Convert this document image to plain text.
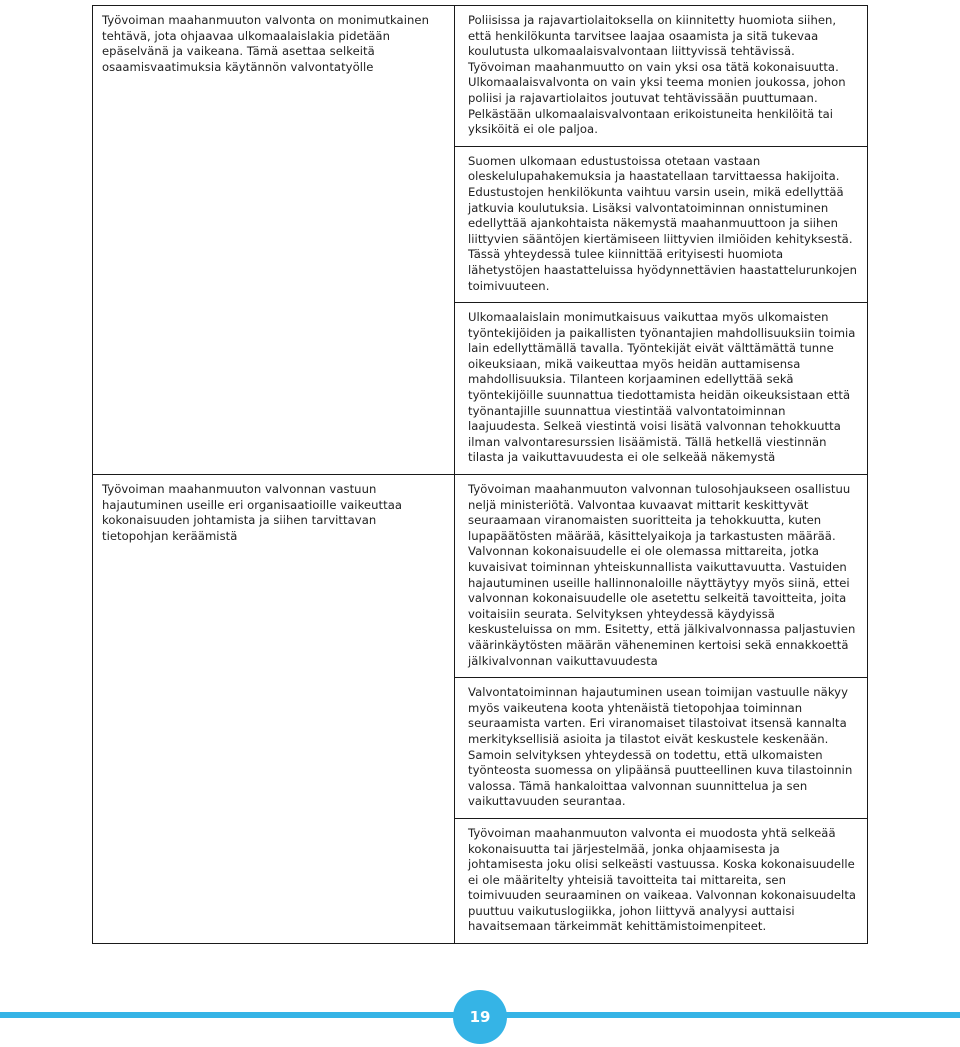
Työvoiman maahanmuuton valvonta on monimutkainen tehtävä, jota ohjaavaa ulkomaalaislakia pidetään epäselvänä ja vaikeana. Tämä asettaa selkeitä osaamisvaatimuksia käytännön valvontatyölle	Poliisissa ja rajavartiolaitoksella on kiinnitetty huomiota siihen, että henkilökunta tarvitsee laajaa osaamista ja sitä tukevaa koulutusta ulkomaalaisvalvontaan liittyvissä tehtävissä. Työvoiman maahanmuutto on vain yksi osa tätä kokonaisuutta. Ulkomaalaisvalvonta on vain yksi teema monien joukossa, johon poliisi ja rajavartiolaitos joutuvat tehtävissään puuttumaan. Pelkästään ulkomaalaisvalvontaan erikoistuneita henkilöitä tai yksiköitä ei ole paljoa.

	Suomen ulkomaan edustustoissa otetaan vastaan oleskelulupahakemuksia ja haastatellaan tarvittaessa hakijoita. Edustustojen henkilökunta vaihtuu varsin usein, mikä edellyttää jatkuvia koulutuksia. Lisäksi valvontatoiminnan onnistuminen edellyttää ajankohtaista näkemystä maahanmuuttoon ja siihen liittyvien sääntöjen kiertämiseen liittyvien ilmiöiden kehityksestä. Tässä yhteydessä tulee kiinnittää erityisesti huomiota lähetystöjen haastatteluissa hyödynnettävien haastattelurunkojen toimivuuteen.

	Ulkomaalaislain monimutkaisuus vaikuttaa myös ulkomaisten työntekijöiden ja paikallisten työnantajien mahdollisuuksiin toimia lain edellyttämällä tavalla. Työntekijät eivät välttämättä tunne oikeuksiaan, mikä vaikeuttaa myös heidän auttamisensa mahdollisuuksia. Tilanteen korjaaminen edellyttää sekä työntekijöille suunnattua tiedottamista heidän oikeuksistaan että työnantajille suunnattua viestintää valvontatoiminnan laajuudesta. Selkeä viestintä voisi lisätä valvonnan tehokkuutta ilman valvontaresurssien lisäämistä. Tällä hetkellä viestinnän tilasta ja vaikuttavuudesta ei ole selkeää näkemystä

Työvoiman maahanmuuton valvonnan vastuun hajautuminen useille eri organisaatioille vaikeuttaa kokonaisuuden johtamista ja siihen tarvittavan tietopohjan keräämistä	Työvoiman maahanmuuton valvonnan tulosohjaukseen osallistuu neljä ministeriötä. Valvontaa kuvaavat mittarit keskittyvät seuraamaan viranomaisten suoritteita ja tehokkuutta, kuten lupapäätösten määrää, käsittelyaikoja ja tarkastusten määrää. Valvonnan kokonaisuudelle ei ole olemassa mittareita, jotka kuvaisivat toiminnan yhteiskunnallista vaikuttavuutta. Vastuiden hajautuminen useille hallinnonaloille näyttäytyy myös siinä, ettei valvonnan kokonaisuudelle ole asetettu selkeitä tavoitteita, joita voitaisiin seurata. Selvityksen yhteydessä käydyissä keskusteluissa on mm. Esitetty, että jälkivalvonnassa paljastuvien väärinkäytösten määrän väheneminen kertoisi sekä ennakkoettä jälkivalvonnan vaikuttavuudesta

	Valvontatoiminnan hajautuminen usean toimijan vastuulle näkyy myös vaikeutena koota yhtenäistä tietopohjaa toiminnan seuraamista varten. Eri viranomaiset tilastoivat itsensä kannalta merkityksellisiä asioita ja tilastot eivät keskustele keskenään. Samoin selvityksen yhteydessä on todettu, että ulkomaisten työnteosta suomessa on ylipäänsä puutteellinen kuva tilastoinnin valossa. Tämä hankaloittaa valvonnan suunnittelua ja sen vaikuttavuuden seurantaa.

	Työvoiman maahanmuuton valvonta ei muodosta yhtä selkeää kokonaisuutta tai järjestelmää, jonka ohjaamisesta ja johtamisesta joku olisi selkeästi vastuussa. Koska kokonaisuudelle ei ole määritelty yhteisiä tavoitteita tai mittareita, sen toimivuuden seuraaminen on vaikeaa. Valvonnan kokonaisuudelta puuttuu vaikutuslogiikka, johon liittyvä analyysi auttaisi havaitsemaan tärkeimmät kehittämistoimenpiteet.

19
